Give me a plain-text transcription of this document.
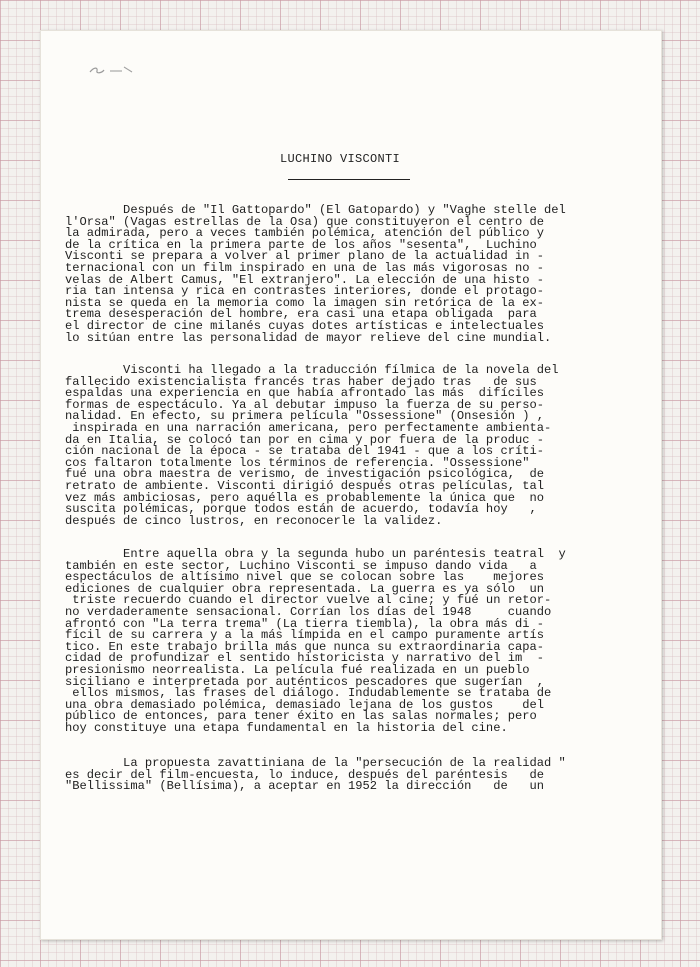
LUCHINO VISCONTI
Después de "Il Gattopardo" (El Gatopardo) y "Vaghe stelle del
l'Orsa" (Vagas estrellas de la Osa) que constituyeron el centro de
la admirada, pero a veces también polémica, atención del público y
de la crítica en la primera parte de los años "sesenta",  Luchino
Visconti se prepara a volver al primer plano de la actualidad in -
ternacional con un film inspirado en una de las más vigorosas no -
velas de Albert Camus, "El extranjero". La elección de una histo -
ria tan intensa y rica en contrastes interiores, donde el protago-
nista se queda en la memoria como la imagen sin retórica de la ex-
trema desesperación del hombre, era casi una etapa obligada  para
el director de cine milanés cuyas dotes artísticas e intelectuales
lo sitúan entre las personalidad de mayor relieve del cine mundial.
Visconti ha llegado a la traducción fílmica de la novela del
fallecido existencialista francés tras haber dejado tras   de sus
espaldas una experiencia en que había afrontado las más  difíciles
formas de espectáculo. Ya al debutar impuso la fuerza de su perso-
nalidad. En efecto, su primera película "Ossessione" (Onsesión ) ,
inspirada en una narración americana, pero perfectamente ambienta-
da en Italia, se colocó tan por en cima y por fuera de la produc -
ción nacional de la época - se trataba del 1941 - que a los críti-
cos faltaron totalmente los términos de referencia. "Ossessione"
fué una obra maestra de verismo, de investigación psicológica,  de
retrato de ambiente. Visconti dirigió después otras películas, tal
vez más ambiciosas, pero aquélla es probablemente la única que  no
suscita polémicas, porque todos están de acuerdo, todavía hoy   ,
después de cinco lustros, en reconocerle la validez.
Entre aquella obra y la segunda hubo un paréntesis teatral  y
también en este sector, Luchino Visconti se impuso dando vida   a
espectáculos de altísimo nivel que se colocan sobre las    mejores
ediciones de cualquier obra representada. La guerra es ya sólo  un
triste recuerdo cuando el director vuelve al cine; y fué un retor-
no verdaderamente sensacional. Corrían los días del 1948     cuando
afrontó con "La terra trema" (La tierra tiembla), la obra más di -
fícil de su carrera y a la más límpida en el campo puramente artís
tico. En este trabajo brilla más que nunca su extraordinaria capa-
cidad de profundizar el sentido historicista y narrativo del im  -
presionismo neorrealista. La película fué realizada en un pueblo
siciliano e interpretada por auténticos pescadores que sugerían  ,
ellos mismos, las frases del diálogo. Indudablemente se trataba de
una obra demasiado polémica, demasiado lejana de los gustos    del
público de entonces, para tener éxito en las salas normales; pero
hoy constituye una etapa fundamental en la historia del cine.
La propuesta zavattiniana de la "persecución de la realidad "
es decir del film-encuesta, lo induce, después del paréntesis   de
"Bellissima" (Bellísima), a aceptar en 1952 la dirección   de   un
